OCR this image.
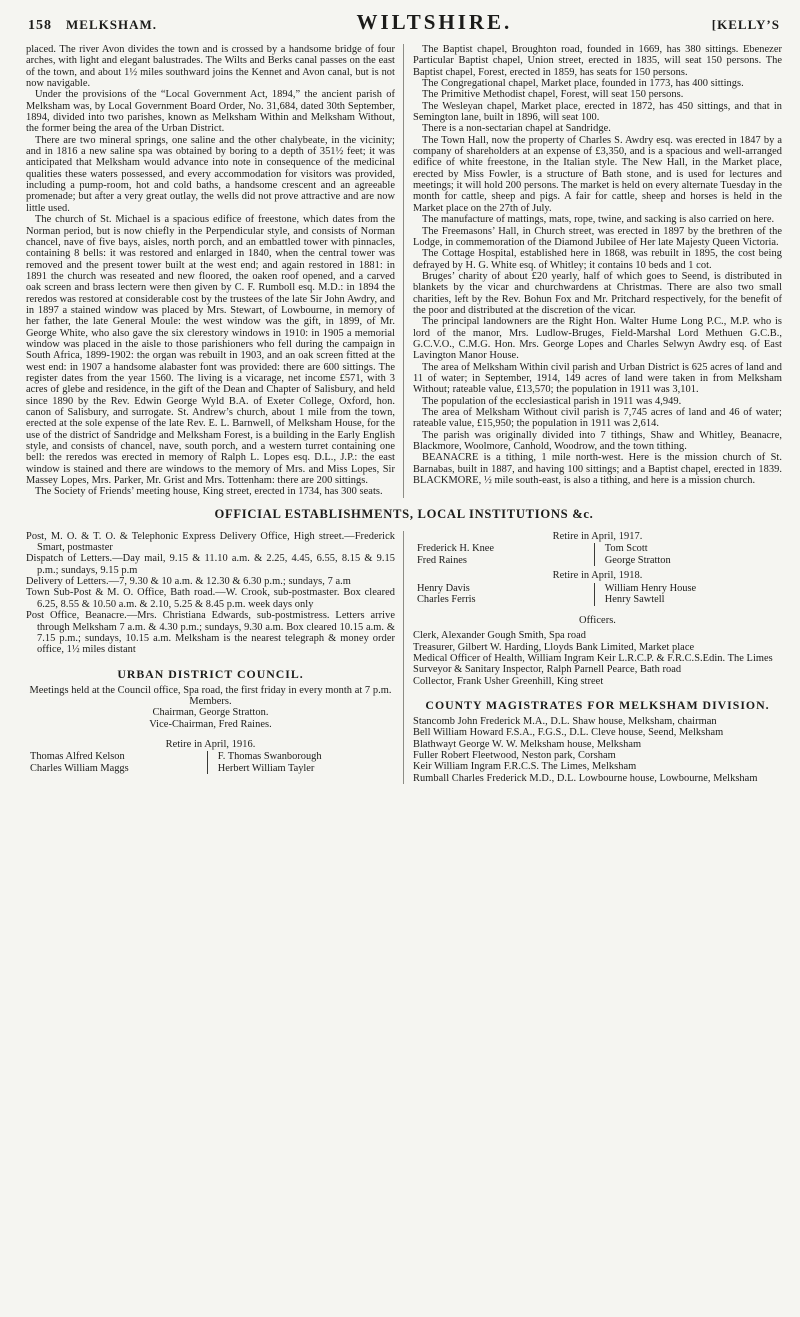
158 MELKSHAM.	WILTSHIRE.	[KELLY’S

placed. The river Avon divides the town and is crossed by a handsome bridge of four arches, with light and elegant balustrades. The Wilts and Berks canal passes on the east of the town, and about 1½ miles southward joins the Kennet and Avon canal, but is not now navigable.

Under the provisions of the “Local Government Act, 1894,” the ancient parish of Melksham was, by Local Government Board Order, No. 31,684, dated 30th September, 1894, divided into two parishes, known as Melksham Within and Melksham Without, the former being the area of the Urban District.

There are two mineral springs, one saline and the other chalybeate, in the vicinity; and in 1816 a new saline spa was obtained by boring to a depth of 351½ feet; it was anticipated that Melksham would advance into note in consequence of the medicinal qualities these waters possessed, and every accommodation for visitors was provided, including a pump-room, hot and cold baths, a handsome crescent and an agreeable promenade; but after a very great outlay, the wells did not prove attractive and are now little used.

The church of St. Michael is a spacious edifice of freestone, which dates from the Norman period, but is now chiefly in the Perpendicular style, and consists of Norman chancel, nave of five bays, aisles, north porch, and an embattled tower with pinnacles, containing 8 bells: it was restored and enlarged in 1840, when the central tower was removed and the present tower built at the west end; and again restored in 1881: in 1891 the church was reseated and new floored, the oaken roof opened, and a carved oak screen and brass lectern were then given by C. F. Rumboll esq. M.D.: in 1894 the reredos was restored at considerable cost by the trustees of the late Sir John Awdry, and in 1897 a stained window was placed by Mrs. Stewart, of Lowbourne, in memory of her father, the late General Moule: the west window was the gift, in 1899, of Mr. George White, who also gave the six clerestory windows in 1910: in 1905 a memorial window was placed in the aisle to those parishioners who fell during the campaign in South Africa, 1899-1902: the organ was rebuilt in 1903, and an oak screen fitted at the west end: in 1907 a handsome alabaster font was provided: there are 600 sittings. The register dates from the year 1560. The living is a vicarage, net income £571, with 3 acres of glebe and residence, in the gift of the Dean and Chapter of Salisbury, and held since 1890 by the Rev. Edwin George Wyld B.A. of Exeter College, Oxford, hon. canon of Salisbury, and surrogate. St. Andrew’s church, about 1 mile from the town, erected at the sole expense of the late Rev. E. L. Barnwell, of Melksham House, for the use of the district of Sandridge and Melksham Forest, is a building in the Early English style, and consists of chancel, nave, south porch, and a western turret containing one bell: the reredos was erected in memory of Ralph L. Lopes esq. D.L., J.P.: the east window is stained and there are windows to the memory of Mrs. and Miss Lopes, Sir Massey Lopes, Mrs. Parker, Mr. Grist and Mrs. Tottenham: there are 200 sittings.

The Society of Friends’ meeting house, King street, erected in 1734, has 300 seats.

The Baptist chapel, Broughton road, founded in 1669, has 380 sittings. Ebenezer Particular Baptist chapel, Union street, erected in 1835, will seat 150 persons. The Baptist chapel, Forest, erected in 1859, has seats for 150 persons.

The Congregational chapel, Market place, founded in 1773, has 400 sittings.

The Primitive Methodist chapel, Forest, will seat 150 persons.

The Wesleyan chapel, Market place, erected in 1872, has 450 sittings, and that in Semington lane, built in 1896, will seat 100.

There is a non-sectarian chapel at Sandridge.

The Town Hall, now the property of Charles S. Awdry esq. was erected in 1847 by a company of shareholders at an expense of £3,350, and is a spacious and well-arranged edifice of white freestone, in the Italian style. The New Hall, in the Market place, erected by Miss Fowler, is a structure of Bath stone, and is used for lectures and meetings; it will hold 200 persons. The market is held on every alternate Tuesday in the month for cattle, sheep and pigs. A fair for cattle, sheep and horses is held in the Market place on the 27th of July.

The manufacture of mattings, mats, rope, twine, and sacking is also carried on here.

The Freemasons’ Hall, in Church street, was erected in 1897 by the brethren of the Lodge, in commemoration of the Diamond Jubilee of Her late Majesty Queen Victoria.

The Cottage Hospital, established here in 1868, was rebuilt in 1895, the cost being defrayed by H. G. White esq. of Whitley; it contains 10 beds and 1 cot.

Bruges’ charity of about £20 yearly, half of which goes to Seend, is distributed in blankets by the vicar and churchwardens at Christmas. There are also two small charities, left by the Rev. Bohun Fox and Mr. Pritchard respectively, for the benefit of the poor and distributed at the discretion of the vicar.

The principal landowners are the Right Hon. Walter Hume Long P.C., M.P. who is lord of the manor, Mrs. Ludlow-Bruges, Field-Marshal Lord Methuen G.C.B., G.C.V.O., C.M.G. Hon. Mrs. George Lopes and Charles Selwyn Awdry esq. of East Lavington Manor House.

The area of Melksham Within civil parish and Urban District is 625 acres of land and 11 of water; in September, 1914, 149 acres of land were taken in from Melksham Without; rateable value, £13,570; the population in 1911 was 3,101.

The population of the ecclesiastical parish in 1911 was 4,949.

The area of Melksham Without civil parish is 7,745 acres of land and 46 of water; rateable value, £15,950; the population in 1911 was 2,614.

The parish was originally divided into 7 tithings, Shaw and Whitley, Beanacre, Blackmore, Woolmore, Canhold, Woodrow, and the town tithing.

BEANACRE is a tithing, 1 mile north-west. Here is the mission church of St. Barnabas, built in 1887, and having 100 sittings; and a Baptist chapel, erected in 1839. BLACKMORE, ½ mile south-east, is also a tithing, and here is a mission church.

OFFICIAL ESTABLISHMENTS, LOCAL INSTITUTIONS &c.

Post, M. O. & T. O. & Telephonic Express Delivery Office, High street.—Frederick Smart, postmaster

Dispatch of Letters.—Day mail, 9.15 & 11.10 a.m. & 2.25, 4.45, 6.55, 8.15 & 9.15 p.m.; sundays, 9.15 p.m

Delivery of Letters.—7, 9.30 & 10 a.m. & 12.30 & 6.30 p.m.; sundays, 7 a.m

Town Sub-Post & M. O. Office, Bath road.—W. Crook, sub-postmaster. Box cleared 6.25, 8.55 & 10.50 a.m. & 2.10, 5.25 & 8.45 p.m. week days only

Post Office, Beanacre.—Mrs. Christiana Edwards, sub-postmistress. Letters arrive through Melksham 7 a.m. & 4.30 p.m.; sundays, 9.30 a.m. Box cleared 10.15 a.m. & 7.15 p.m.; sundays, 10.15 a.m. Melksham is the nearest telegraph & money order office, 1½ miles distant

URBAN DISTRICT COUNCIL.

Meetings held at the Council office, Spa road, the first friday in every month at 7 p.m.

Members.

Chairman, George Stratton.

Vice-Chairman, Fred Raines.

Retire in April, 1916.

Thomas Alfred Kelson

Charles William Maggs

F. Thomas Swanborough

Herbert William Tayler

Retire in April, 1917.

Frederick H. Knee

Fred Raines

Tom Scott

George Stratton

Retire in April, 1918.

Henry Davis

Charles Ferris

William Henry House

Henry Sawtell

Officers.

Clerk, Alexander Gough Smith, Spa road

Treasurer, Gilbert W. Harding, Lloyds Bank Limited, Market place

Medical Officer of Health, William Ingram Keir L.R.C.P. & F.R.C.S.Edin. The Limes

Surveyor & Sanitary Inspector, Ralph Parnell Pearce, Bath road

Collector, Frank Usher Greenhill, King street

COUNTY MAGISTRATES FOR MELKSHAM DIVISION.

Stancomb John Frederick M.A., D.L. Shaw house, Melksham, chairman

Bell William Howard F.S.A., F.G.S., D.L. Cleve house, Seend, Melksham

Blathwayt George W. W. Melksham house, Melksham

Fuller Robert Fleetwood, Neston park, Corsham

Keir William Ingram F.R.C.S. The Limes, Melksham

Rumball Charles Frederick M.D., D.L. Lowbourne house, Lowbourne, Melksham
